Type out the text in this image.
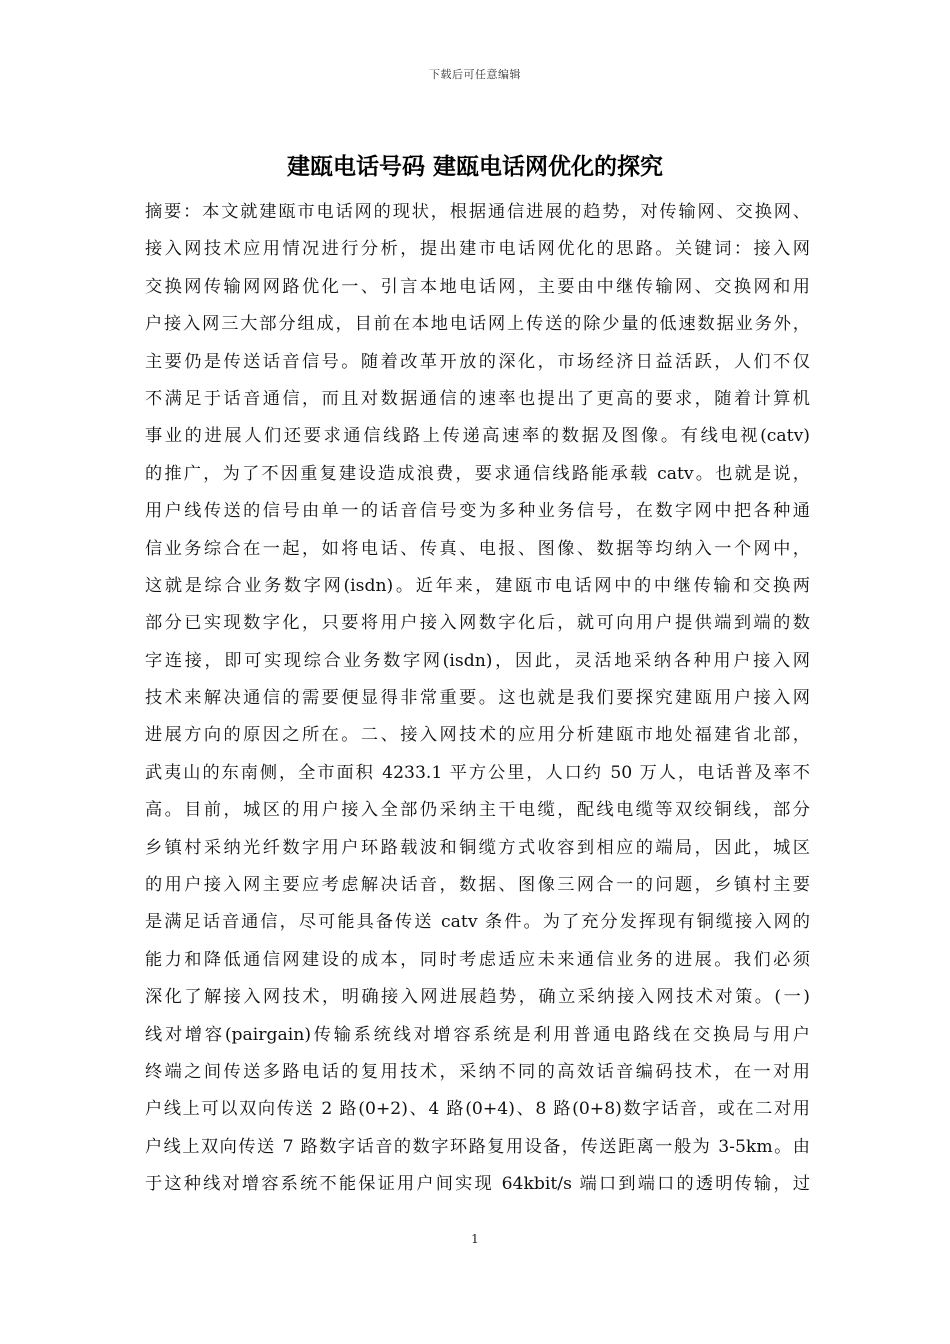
下载后可任意编辑
建瓯电话号码 建瓯电话网优化的探究
摘要：本文就建瓯市电话网的现状，根据通信进展的趋势，对传输网、交换网、
接入网技术应用情况进行分析，提出建市电话网优化的思路。关键词：接入网
交换网传输网网路优化一、引言本地电话网，主要由中继传输网、交换网和用
户接入网三大部分组成，目前在本地电话网上传送的除少量的低速数据业务外，
主要仍是传送话音信号。随着改革开放的深化，市场经济日益活跃，人们不仅
不满足于话音通信，而且对数据通信的速率也提出了更高的要求，随着计算机
事业的进展人们还要求通信线路上传递高速率的数据及图像。有线电视(catv)
的推广，为了不因重复建设造成浪费，要求通信线路能承载 catv。也就是说，
用户线传送的信号由单一的话音信号变为多种业务信号，在数字网中把各种通
信业务综合在一起，如将电话、传真、电报、图像、数据等均纳入一个网中，
这就是综合业务数字网(isdn)。近年来，建瓯市电话网中的中继传输和交换两
部分已实现数字化，只要将用户接入网数字化后，就可向用户提供端到端的数
字连接，即可实现综合业务数字网(isdn)，因此，灵活地采纳各种用户接入网
技术来解决通信的需要便显得非常重要。这也就是我们要探究建瓯用户接入网
进展方向的原因之所在。二、接入网技术的应用分析建瓯市地处福建省北部，
武夷山的东南侧，全市面积 4233.1 平方公里，人口约 50 万人，电话普及率不
高。目前，城区的用户接入全部仍采纳主干电缆，配线电缆等双绞铜线，部分
乡镇村采纳光纤数字用户环路载波和铜缆方式收容到相应的端局，因此，城区
的用户接入网主要应考虑解决话音，数据、图像三网合一的问题，乡镇村主要
是满足话音通信，尽可能具备传送 catv 条件。为了充分发挥现有铜缆接入网的
能力和降低通信网建设的成本，同时考虑适应未来通信业务的进展。我们必须
深化了解接入网技术，明确接入网进展趋势，确立采纳接入网技术对策。(一)
线对增容(pairgain)传输系统线对增容系统是利用普通电路线在交换局与用户
终端之间传送多路电话的复用技术，采纳不同的高效话音编码技术，在一对用
户线上可以双向传送 2 路(0+2)、4 路(0+4)、8 路(0+8)数字话音，或在二对用
户线上双向传送 7 路数字话音的数字环路复用设备，传送距离一般为 3-5km。由
于这种线对增容系统不能保证用户间实现 64kbit/s 端口到端口的透明传输，过
1
